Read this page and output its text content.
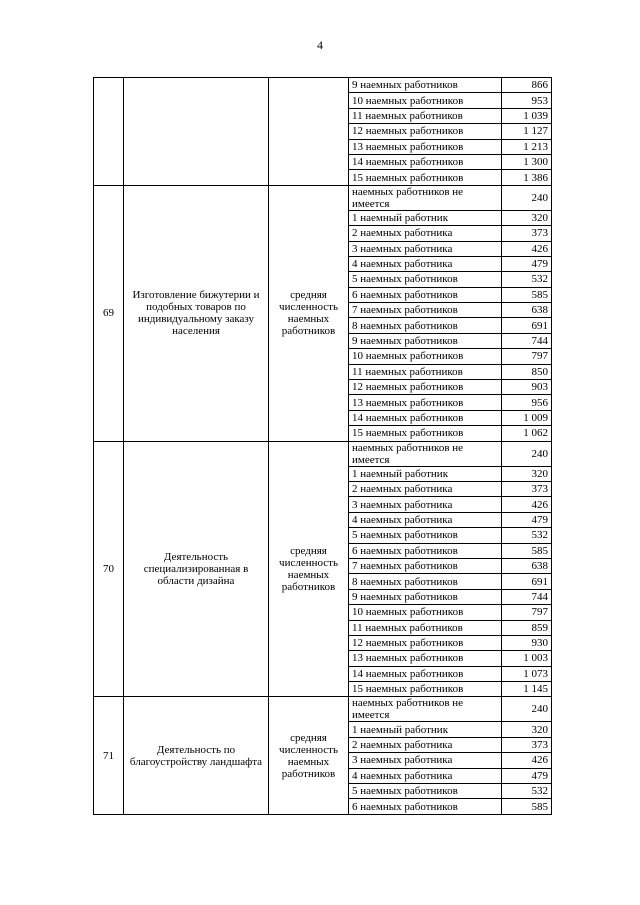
4
			9 наемных работников	866
			10 наемных работников	953
			11 наемных работников	1 039
			12 наемных работников	1 127
			13 наемных работников	1 213
			14 наемных работников	1 300
			15 наемных работников	1 386
69	Изготовление бижутерии и подобных товаров по индивидуальному заказу населения	средняя численность наемных работников	наемных работников не имеется	240
			1 наемный работник	320
			2 наемных работника	373
			3 наемных работника	426
			4 наемных работника	479
			5 наемных работников	532
			6 наемных работников	585
			7 наемных работников	638
			8 наемных работников	691
			9 наемных работников	744
			10 наемных работников	797
			11 наемных работников	850
			12 наемных работников	903
			13 наемных работников	956
			14 наемных работников	1 009
			15 наемных работников	1 062
70	Деятельность специализированная в области дизайна	средняя численность наемных работников	наемных работников не имеется	240
			1 наемный работник	320
			2 наемных работника	373
			3 наемных работника	426
			4 наемных работника	479
			5 наемных работников	532
			6 наемных работников	585
			7 наемных работников	638
			8 наемных работников	691
			9 наемных работников	744
			10 наемных работников	797
			11 наемных работников	859
			12 наемных работников	930
			13 наемных работников	1 003
			14 наемных работников	1 073
			15 наемных работников	1 145
71	Деятельность по благоустройству ландшафта	средняя численность наемных работников	наемных работников не имеется	240
			1 наемный работник	320
			2 наемных работника	373
			3 наемных работника	426
			4 наемных работника	479
			5 наемных работников	532
			6 наемных работников	585
